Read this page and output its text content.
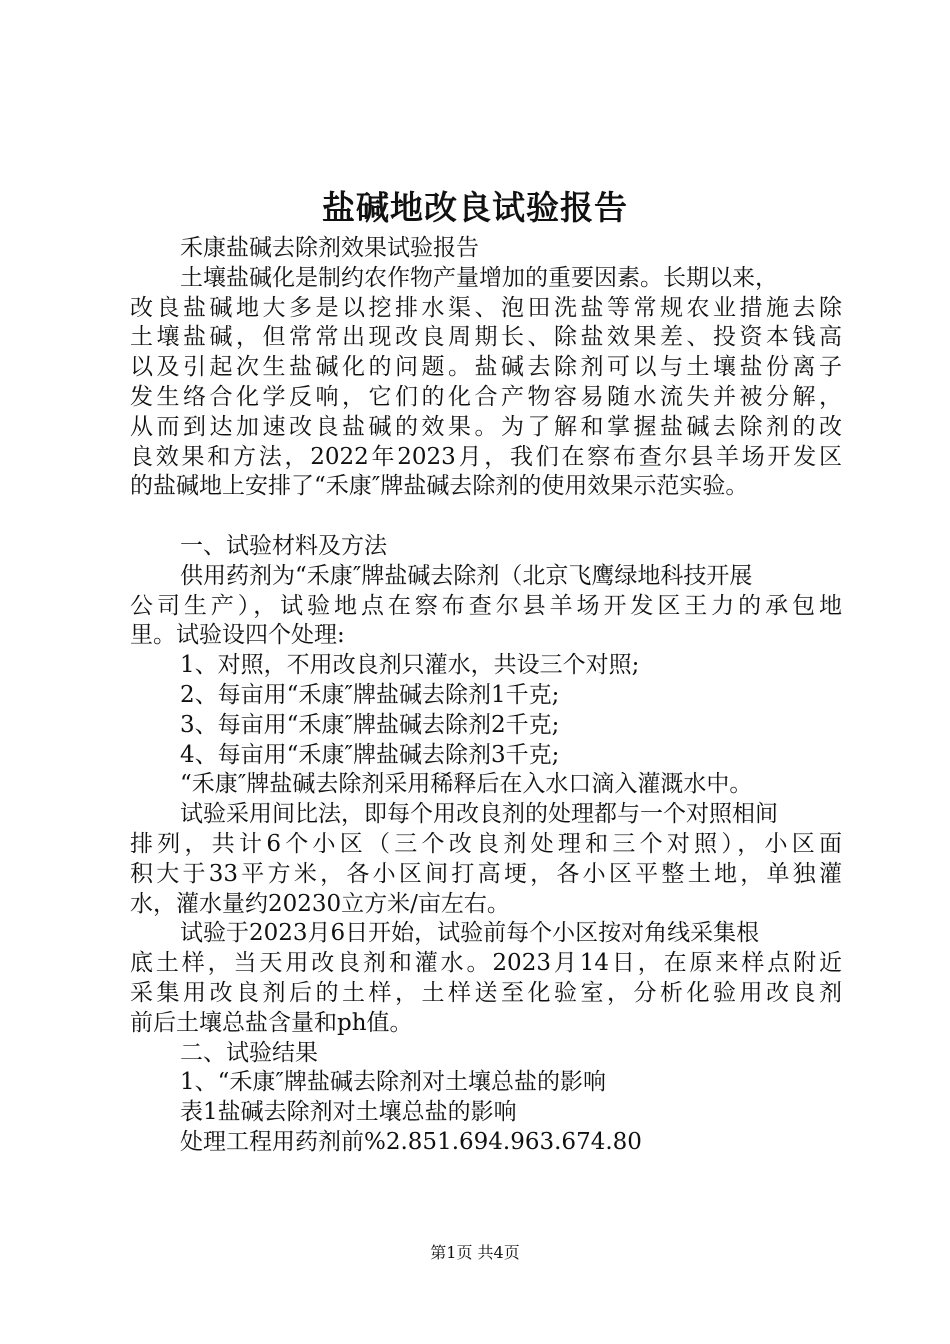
盐碱地改良试验报告
禾康盐碱去除剂效果试验报告
土壤盐碱化是制约农作物产量增加的重要因素。长期以来，
改良盐碱地大多是以挖排水渠、泡田洗盐等常规农业措施去除
土壤盐碱，但常常出现改良周期长、除盐效果差、投资本钱高
以及引起次生盐碱化的问题。盐碱去除剂可以与土壤盐份离子
发生络合化学反响，它们的化合产物容易随水流失并被分解，
从而到达加速改良盐碱的效果。为了解和掌握盐碱去除剂的改
良效果和方法，2022年2023月，我们在察布查尔县羊场开发区
的盐碱地上安排了“禾康″牌盐碱去除剂的使用效果示范实验。
一、试验材料及方法
供用药剂为“禾康″牌盐碱去除剂（北京飞鹰绿地科技开展
公司生产），试验地点在察布查尔县羊场开发区王力的承包地
里。试验设四个处理:
1、对照，不用改良剂只灌水，共设三个对照;
2、每亩用“禾康″牌盐碱去除剂1千克;
3、每亩用“禾康″牌盐碱去除剂2千克;
4、每亩用“禾康″牌盐碱去除剂3千克;
“禾康″牌盐碱去除剂采用稀释后在入水口滴入灌溉水中。
试验采用间比法，即每个用改良剂的处理都与一个对照相间
排列，共计6个小区（三个改良剂处理和三个对照），小区面
积大于33平方米，各小区间打高埂，各小区平整土地，单独灌
水，灌水量约20230立方米/亩左右。
试验于2023月6日开始，试验前每个小区按对角线采集根
底土样，当天用改良剂和灌水。2023月14日，在原来样点附近
采集用改良剂后的土样，土样送至化验室，分析化验用改良剂
前后土壤总盐含量和ph值。
二、试验结果
1、“禾康″牌盐碱去除剂对土壤总盐的影响
表1盐碱去除剂对土壤总盐的影响
处理工程用药剂前%2.851.694.963.674.80
第1页 共4页
